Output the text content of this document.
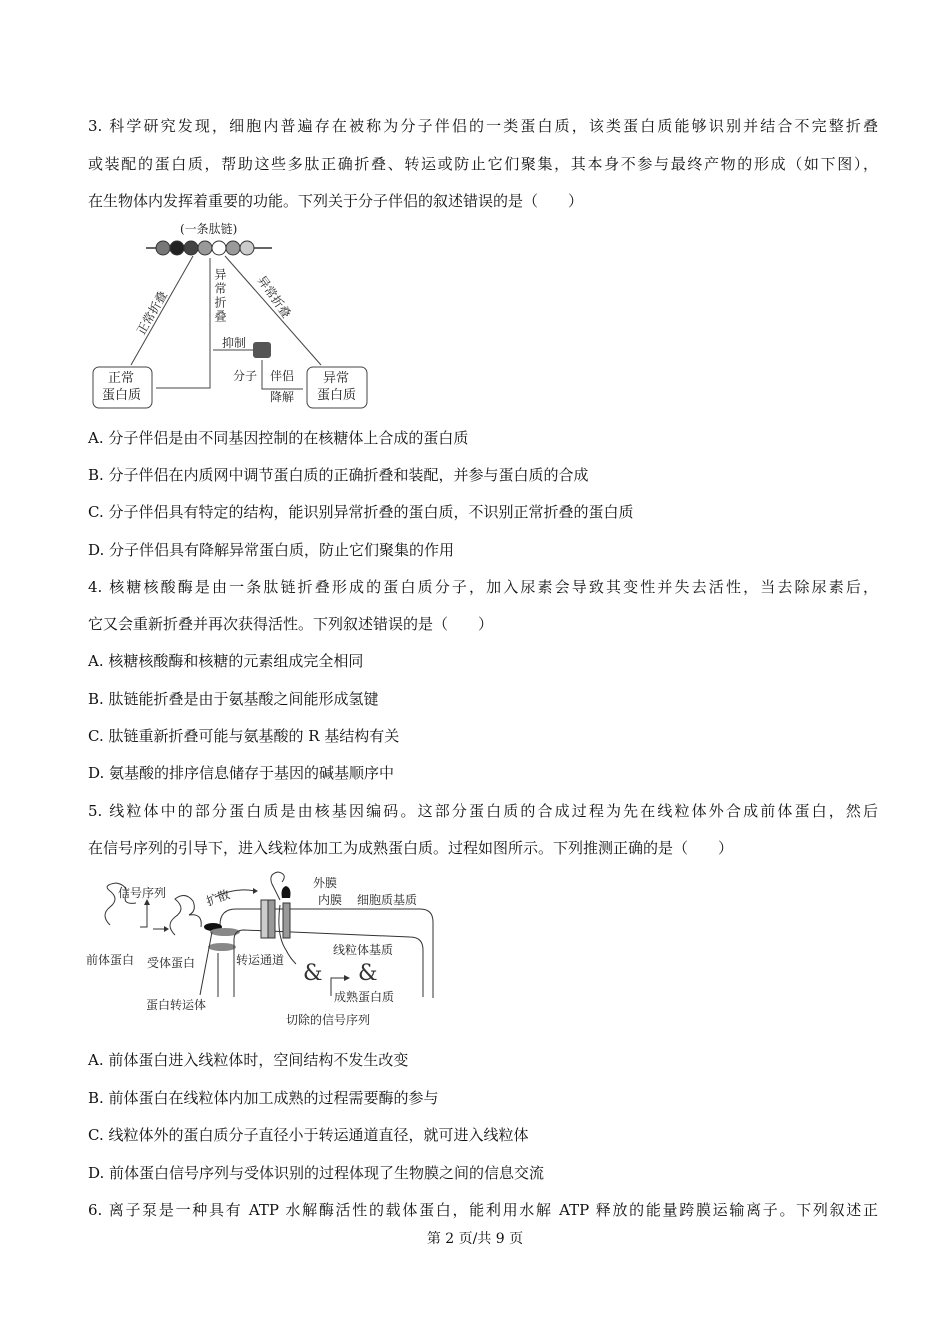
3. 科学研究发现，细胞内普遍存在被称为分子伴侣的一类蛋白质，该类蛋白质能够识别并结合不完整折叠
或装配的蛋白质，帮助这些多肽正确折叠、转运或防止它们聚集，其本身不参与最终产物的形成（如下图），
在生物体内发挥着重要的功能。下列关于分子伴侣的叙述错误的是（　　）
(一条肽链)
正常折叠	异常折叠 异常折叠
抑制
分子 伴侣
降解
正常
蛋白质
异常
蛋白质
A. 分子伴侣是由不同基因控制的在核糖体上合成的蛋白质
B. 分子伴侣在内质网中调节蛋白质的正确折叠和装配，并参与蛋白质的合成
C. 分子伴侣具有特定的结构，能识别异常折叠的蛋白质，不识别正常折叠的蛋白质
D. 分子伴侣具有降解异常蛋白质，防止它们聚集的作用
4. 核糖核酸酶是由一条肽链折叠形成的蛋白质分子，加入尿素会导致其变性并失去活性，当去除尿素后，
它又会重新折叠并再次获得活性。下列叙述错误的是（　　）
A. 核糖核酸酶和核糖的元素组成完全相同
B. 肽链能折叠是由于氨基酸之间能形成氢键
C. 肽链重新折叠可能与氨基酸的 R 基结构有关
D. 氨基酸的排序信息储存于基因的碱基顺序中
5. 线粒体中的部分蛋白质是由核基因编码。这部分蛋白质的合成过程为先在线粒体外合成前体蛋白，然后
在信号序列的引导下，进入线粒体加工为成熟蛋白质。过程如图所示。下列推测正确的是（　　）
& &
信号序列	扩散
外膜
内膜 细胞质基质
前体蛋白 受体蛋白	转运通道
线粒体基质
成熟蛋白质
蛋白转运体
切除的信号序列
A. 前体蛋白进入线粒体时，空间结构不发生改变
B. 前体蛋白在线粒体内加工成熟的过程需要酶的参与
C. 线粒体外的蛋白质分子直径小于转运通道直径，就可进入线粒体
D. 前体蛋白信号序列与受体识别的过程体现了生物膜之间的信息交流
6. 离子泵是一种具有 ATP 水解酶活性的载体蛋白，能利用水解 ATP 释放的能量跨膜运输离子。下列叙述正
第 2 页/共 9 页
